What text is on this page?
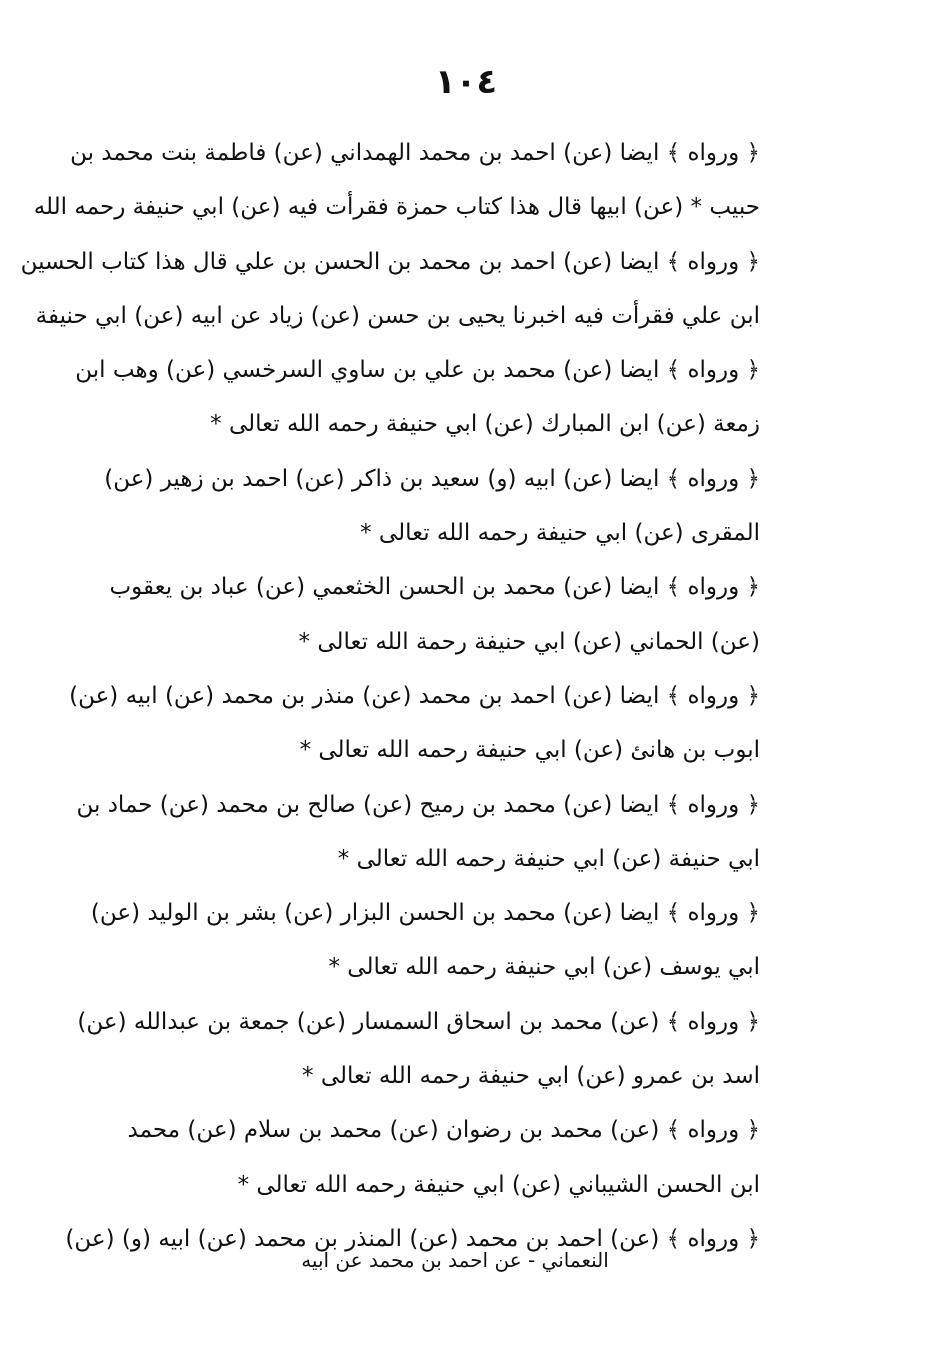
١٠٤
﴿ ورواه ﴾ ايضا (عن) احمد بن محمد الهمداني (عن) فاطمة بنت محمد بن
حبيب * (عن) ابيها قال هذا كتاب حمزة فقرأت فيه (عن) ابي حنيفة رحمه الله
﴿ ورواه ﴾ ايضا (عن) احمد بن محمد بن الحسن بن علي قال هذا كتاب الحسين
ابن علي فقرأت فيه اخبرنا يحيى بن حسن (عن) زياد عن ابيه (عن) ابي حنيفة
﴿ ورواه ﴾ ايضا (عن) محمد بن علي بن ساوي السرخسي (عن) وهب ابن
زمعة (عن) ابن المبارك (عن) ابي حنيفة رحمه الله تعالى *
﴿ ورواه ﴾ ايضا (عن) ابيه (و) سعيد بن ذاكر (عن) احمد بن زهير (عن)
المقرى (عن) ابي حنيفة رحمه الله تعالى *
﴿ ورواه ﴾ ايضا (عن) محمد بن الحسن الخثعمي (عن) عباد بن يعقوب
(عن) الحماني (عن) ابي حنيفة رحمة الله تعالى *
﴿ ورواه ﴾ ايضا (عن) احمد بن محمد (عن) منذر بن محمد (عن) ابيه (عن)
ابوب بن هانئ (عن) ابي حنيفة رحمه الله تعالى *
﴿ ورواه ﴾ ايضا (عن) محمد بن رميح (عن) صالح بن محمد (عن) حماد بن
ابي حنيفة (عن) ابي حنيفة رحمه الله تعالى *
﴿ ورواه ﴾ ايضا (عن) محمد بن الحسن البزار (عن) بشر بن الوليد (عن)
ابي يوسف (عن) ابي حنيفة رحمه الله تعالى *
﴿ ورواه ﴾ (عن) محمد بن اسحاق السمسار (عن) جمعة بن عبدالله (عن)
اسد بن عمرو (عن) ابي حنيفة رحمه الله تعالى *
﴿ ورواه ﴾ (عن) محمد بن رضوان (عن) محمد بن سلام (عن) محمد
ابن الحسن الشيباني (عن) ابي حنيفة رحمه الله تعالى *
﴿ ورواه ﴾ (عن) احمد بن محمد (عن) المنذر بن محمد (عن) ابيه (و) (عن)
النعماني - عن احمد بن محمد عن ابيه
